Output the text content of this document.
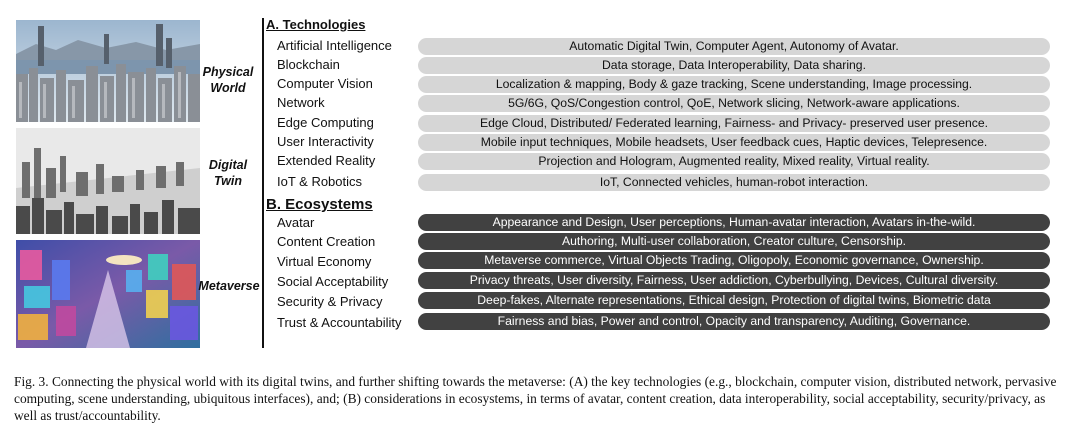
Physical World
Digital Twin
Metaverse
A. Technologies
Artificial Intelligence	Automatic Digital Twin, Computer Agent, Autonomy of Avatar.
Blockchain	Data storage, Data Interoperability, Data sharing.
Computer Vision	Localization & mapping, Body & gaze tracking, Scene understanding, Image processing.
Network	5G/6G, QoS/Congestion control, QoE, Network slicing, Network-aware applications.
Edge Computing	Edge Cloud, Distributed/ Federated learning, Fairness- and Privacy- preserved user presence.
User Interactivity	Mobile input techniques, Mobile headsets, User feedback cues, Haptic devices, Telepresence.
Extended Reality	Projection and Hologram, Augmented reality, Mixed reality, Virtual reality.
IoT & Robotics	IoT, Connected vehicles, human-robot interaction.
B. Ecosystems
Avatar	Appearance and Design, User perceptions, Human-avatar interaction, Avatars in-the-wild.
Content Creation	Authoring, Multi-user collaboration, Creator culture, Censorship.
Virtual Economy	Metaverse commerce, Virtual Objects Trading, Oligopoly, Economic governance, Ownership.
Social Acceptability	Privacy threats, User diversity, Fairness, User addiction, Cyberbullying, Devices, Cultural diversity.
Security & Privacy	Deep-fakes, Alternate representations, Ethical design, Protection of digital twins, Biometric data
Trust & Accountability	Fairness and bias, Power and control, Opacity and transparency, Auditing, Governance.
Fig. 3. Connecting the physical world with its digital twins, and further shifting towards the metaverse: (A) the key technologies (e.g., blockchain, computer vision, distributed network, pervasive computing, scene understanding, ubiquitous interfaces), and; (B) considerations in ecosystems, in terms of avatar, content creation, data interoperability, social acceptability, security/privacy, as well as trust/accountability.
